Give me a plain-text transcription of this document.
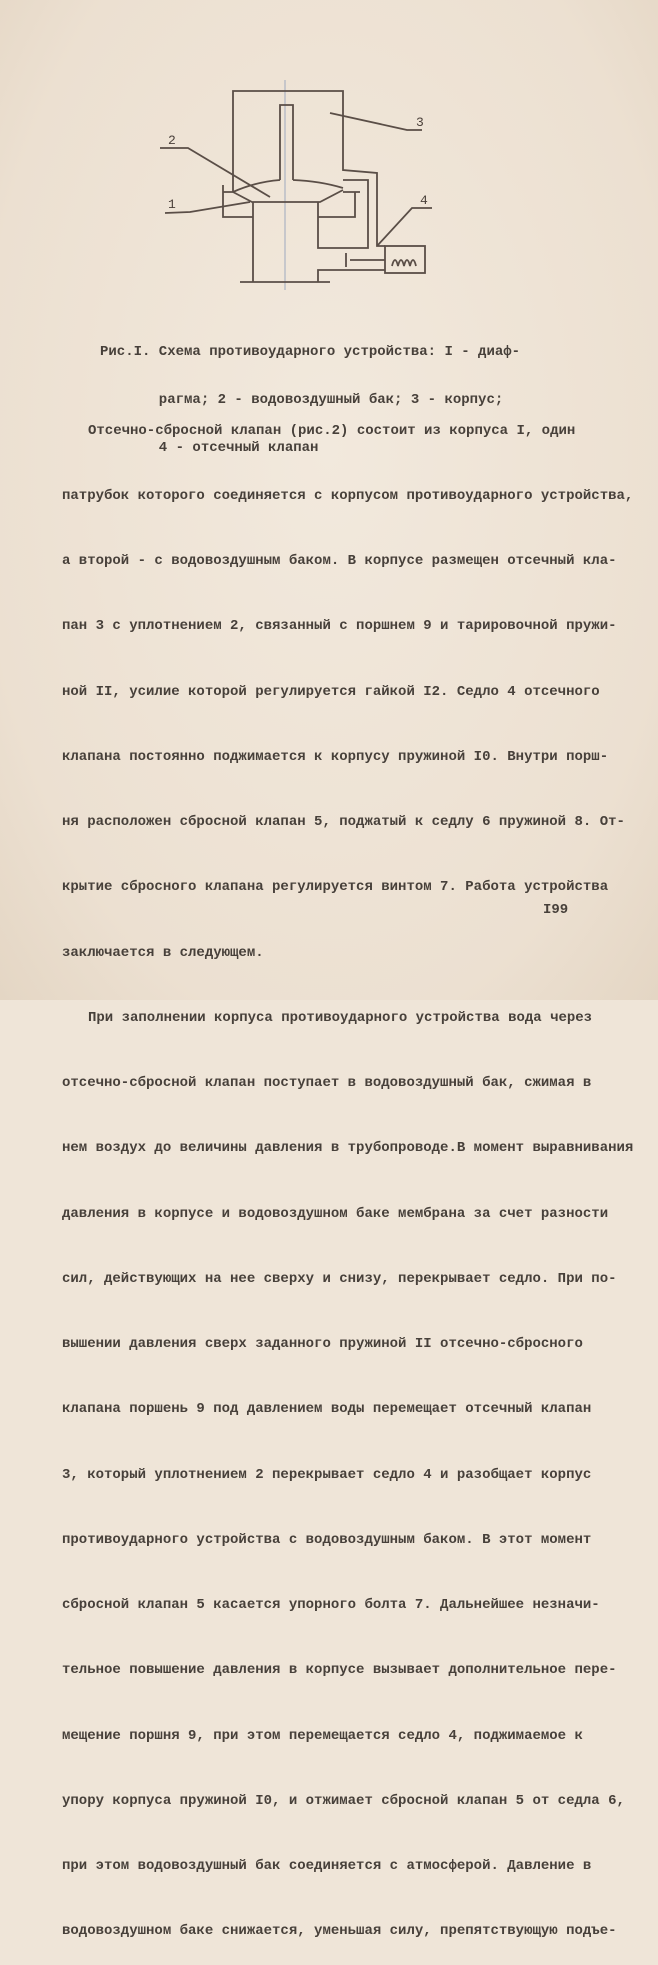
1
2
3
4

Рис.I. Схема противоударного устройства: I - диаф-

рагма; 2 - водовоздушный бак; 3 - корпус;

4 - отсечный клапан

Отсечно-сбросной клапан (рис.2) состоит из корпуса I, один

патрубок которого соединяется с корпусом противоударного устройства,

а второй - с водовоздушным баком. В корпусе размещен отсечный кла-

пан 3 с уплотнением 2, связанный с поршнем 9 и тарировочной пружи-

ной II, усилие которой регулируется гайкой I2. Седло 4 отсечного

клапана постоянно поджимается к корпусу пружиной I0. Внутри порш-

ня расположен сбросной клапан 5, поджатый к седлу 6 пружиной 8. От-

крытие сбросного клапана регулируется винтом 7. Работа устройства

заключается в следующем.

При заполнении корпуса противоударного устройства вода через

отсечно-сбросной клапан поступает в водовоздушный бак, сжимая в

нем воздух до величины давления в трубопроводе.В момент выравнивания

давления в корпусе и водовоздушном баке мембрана за счет разности

сил, действующих на нее сверху и снизу, перекрывает седло. При по-

вышении давления сверх заданного пружиной II отсечно-сбросного

клапана поршень 9 под давлением воды перемещает отсечный клапан

3, который уплотнением 2 перекрывает седло 4 и разобщает корпус

противоударного устройства с водовоздушным баком. В этот момент

сбросной клапан 5 касается упорного болта 7. Дальнейшее незначи-

тельное повышение давления в корпусе вызывает дополнительное пере-

мещение поршня 9, при этом перемещается седло 4, поджимаемое к

упору корпуса пружиной I0, и отжимает сбросной клапан 5 от седла 6,

при этом водовоздушный бак соединяется с атмосферой. Давление в

водовоздушном баке снижается, уменьшая силу, препятствующую подъе-

I99
